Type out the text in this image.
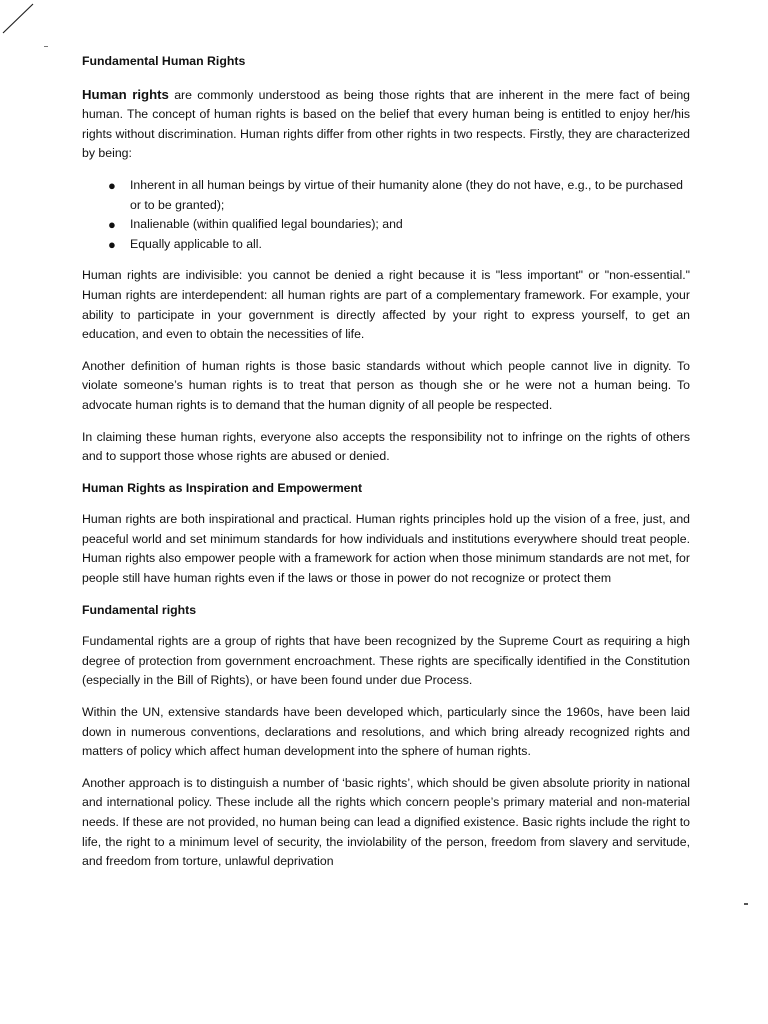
Fundamental Human Rights

Human rights are commonly understood as being those rights that are inherent in the mere fact of being human. The concept of human rights is based on the belief that every human being is entitled to enjoy her/his rights without discrimination. Human rights differ from other rights in two respects. Firstly, they are characterized by being:

● Inherent in all human beings by virtue of their humanity alone (they do not have, e.g., to be purchased or to be granted);
● Inalienable (within qualified legal boundaries); and
● Equally applicable to all.

Human rights are indivisible: you cannot be denied a right because it is "less important" or "non-essential." Human rights are interdependent: all human rights are part of a complementary framework. For example, your ability to participate in your government is directly affected by your right to express yourself, to get an education, and even to obtain the necessities of life.

Another definition of human rights is those basic standards without which people cannot live in dignity. To violate someone’s human rights is to treat that person as though she or he were not a human being. To advocate human rights is to demand that the human dignity of all people be respected.

In claiming these human rights, everyone also accepts the responsibility not to infringe on the rights of others and to support those whose rights are abused or denied.

Human Rights as Inspiration and Empowerment

Human rights are both inspirational and practical. Human rights principles hold up the vision of a free, just, and peaceful world and set minimum standards for how individuals and institutions everywhere should treat people. Human rights also empower people with a framework for action when those minimum standards are not met, for people still have human rights even if the laws or those in power do not recognize or protect them

Fundamental rights

Fundamental rights are a group of rights that have been recognized by the Supreme Court as requiring a high degree of protection from government encroachment. These rights are specifically identified in the Constitution (especially in the Bill of Rights), or have been found under due Process.

Within the UN, extensive standards have been developed which, particularly since the 1960s, have been laid down in numerous conventions, declarations and resolutions, and which bring already recognized rights and matters of policy which affect human development into the sphere of human rights.

Another approach is to distinguish a number of ‘basic rights’, which should be given absolute priority in national and international policy. These include all the rights which concern people’s primary material and non-material needs. If these are not provided, no human being can lead a dignified existence. Basic rights include the right to life, the right to a minimum level of security, the inviolability of the person, freedom from slavery and servitude, and freedom from torture, unlawful deprivation
